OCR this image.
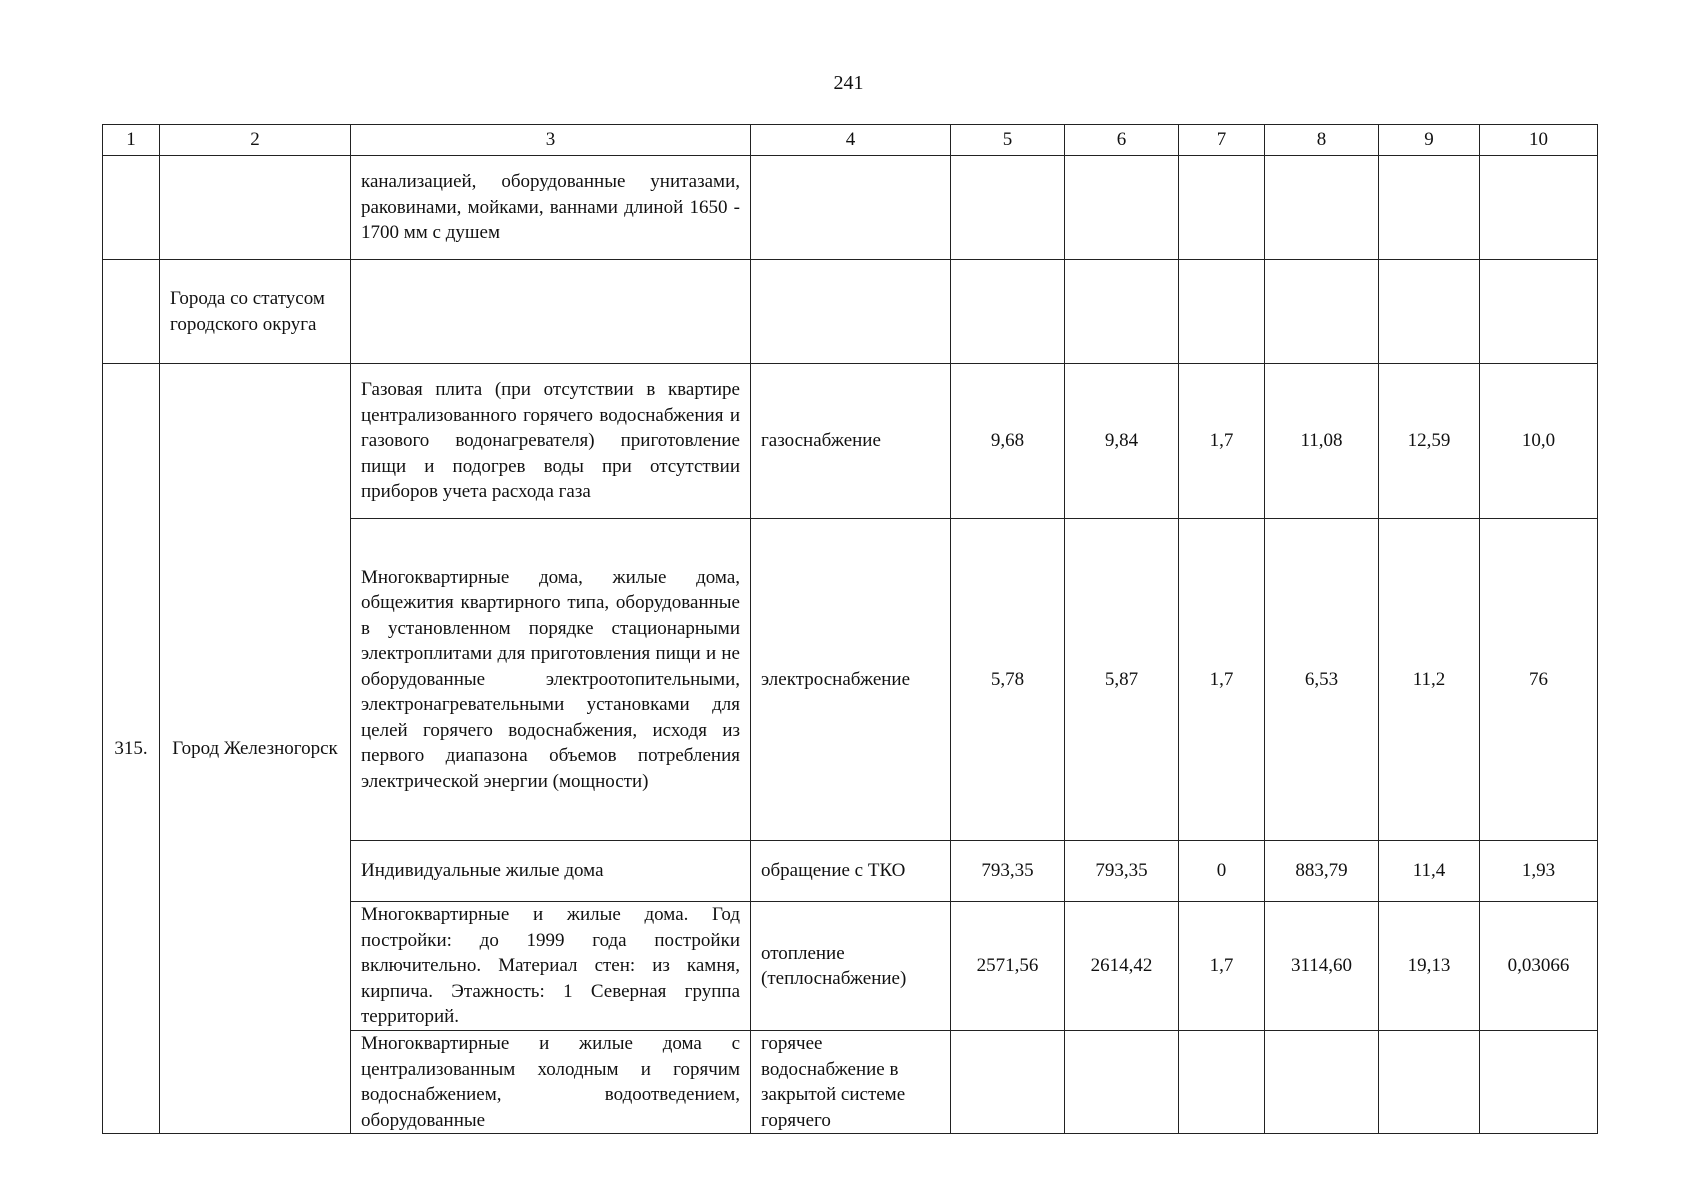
241
1	2	3	4	5	6	7	8	9	10
		канализацией, оборудованные унитазами, раковинами, мойками, ваннами длиной 1650 - 1700 мм с душем							
	Города со статусом городского округа								
315.	Город Железногорск	Газовая плита (при отсутствии в квартире централизованного горячего водоснабжения и газового водонагревателя) приготовление пищи и подогрев воды при отсутствии приборов учета расхода газа	газоснабжение	9,68	9,84	1,7	11,08	12,59	10,0
		Многоквартирные дома, жилые дома, общежития квартирного типа, оборудованные в установленном порядке стационарными электроплитами для приготовления пищи и не оборудованные электроотопительными, электронагревательными установками для целей горячего водоснабжения, исходя из первого диапазона объемов потребления электрической энергии (мощности)	электроснабжение	5,78	5,87	1,7	6,53	11,2	76
		Индивидуальные жилые дома	обращение с ТКО	793,35	793,35	0	883,79	11,4	1,93
		Многоквартирные и жилые дома. Год постройки: до 1999 года постройки включительно. Материал стен: из камня, кирпича. Этажность: 1 Северная группа территорий.	отопление (теплоснабжение)	2571,56	2614,42	1,7	3114,60	19,13	0,03066
		Многоквартирные и жилые дома с централизованным холодным и горячим водоснабжением, водоотведением, оборудованные	горячее водоснабжение в закрытой системе горячего						
